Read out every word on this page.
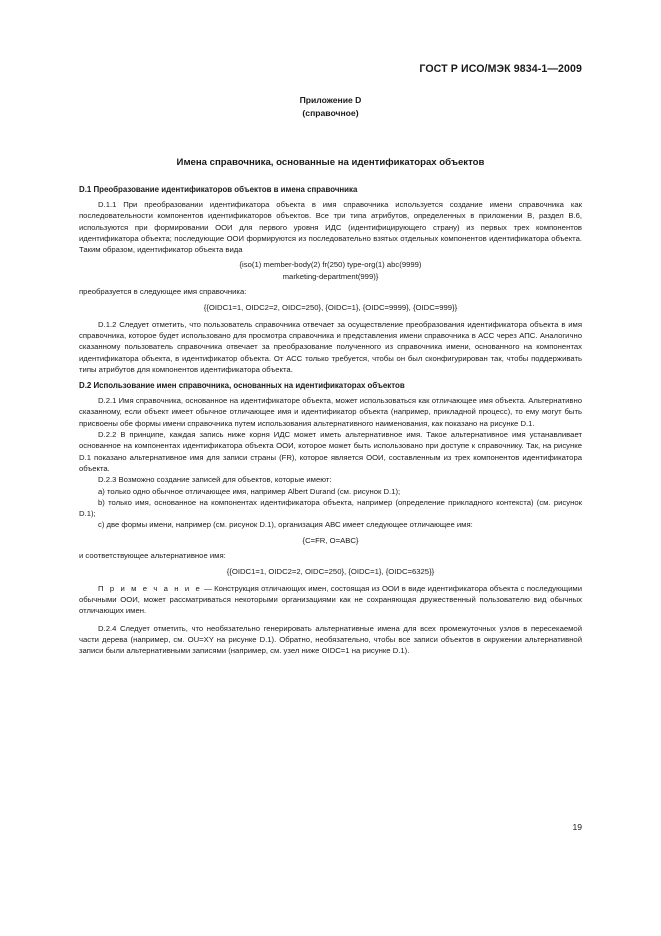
ГОСТ Р ИСО/МЭК 9834-1—2009
Приложение D
(справочное)
Имена справочника, основанные на идентификаторах объектов
D.1 Преобразование идентификаторов объектов в имена справочника

D.1.1 При преобразовании идентификатора объекта в имя справочника используется создание имени справочника как последовательности компонентов идентификаторов объектов. Все три типа атрибутов, определенных в приложении В, раздел В.6, используются при формировании ООИ для первого уровня ИДС (идентифицирующего страну) из первых трех компонентов идентификатора объекта; последующие ООИ формируются из последовательно взятых отдельных компонентов идентификатора объекта. Таким образом, идентификатор объекта вида

{iso(1) member-body(2) fr(250) type-org(1) abc(9999)

marketing-department(999)}

преобразуется в следующее имя справочника:

{{OIDC1=1, OIDC2=2, OIDC=250}, {OIDC=1}, {OIDC=9999}, {OIDC=999}}

D.1.2 Следует отметить, что пользователь справочника отвечает за осуществление преобразования идентификатора объекта в имя справочника, которое будет использовано для просмотра справочника и представления имени справочника в АСС через АПС. Аналогично сказанному пользователь справочника отвечает за преобразование полученного из справочника имени, основанного на компонентах идентификатора объекта, в идентификатор объекта. От АСС только требуется, чтобы он был сконфигурирован так, чтобы поддерживать типы атрибутов для компонентов идентификатора объекта.

D.2 Использование имен справочника, основанных на идентификаторах объектов

D.2.1 Имя справочника, основанное на идентификаторе объекта, может использоваться как отличающее имя объекта. Альтернативно сказанному, если объект имеет обычное отличающее имя и идентификатор объекта (например, прикладной процесс), то ему могут быть присвоены обе формы имени справочника путем использования альтернативного наименования, как показано на рисунке D.1.

D.2.2 В принципе, каждая запись ниже корня ИДС может иметь альтернативное имя. Такое альтернативное имя устанавливает основанное на компонентах идентификатора объекта ООИ, которое может быть использовано при доступе к справочнику. Так, на рисунке D.1 показано альтернативное имя для записи страны (FR), которое является ООИ, составленным из трех компонентов идентификатора объекта.

D.2.3 Возможно создание записей для объектов, которые имеют:

а) только одно обычное отличающее имя, например Albert Durand (см. рисунок D.1);

b) только имя, основанное на компонентах идентификатора объекта, например (определение прикладного контекста) (см. рисунок D.1);

с) две формы имени, например (см. рисунок D.1), организация АВС имеет следующее отличающее имя:

{C=FR, O=ABC}

и соответствующее альтернативное имя:

{{OIDC1=1, OIDC2=2, OIDC=250}, {OIDC=1}, {OIDC=6325}}

П р и м е ч а н и е — Конструкция отличающих имен, состоящая из ООИ в виде идентификатора объекта с последующими обычными ООИ, может рассматриваться некоторыми организациями как не сохраняющая дружественный пользователю вид обычных отличающих имен.

D.2.4 Следует отметить, что необязательно генерировать альтернативные имена для всех промежуточных узлов в пересекаемой части дерева (например, см. OU=XY на рисунке D.1). Обратно, необязательно, чтобы все записи объектов в окружении альтернативной записи были альтернативными записями (например, см. узел ниже OIDC=1 на рисунке D.1).

19
